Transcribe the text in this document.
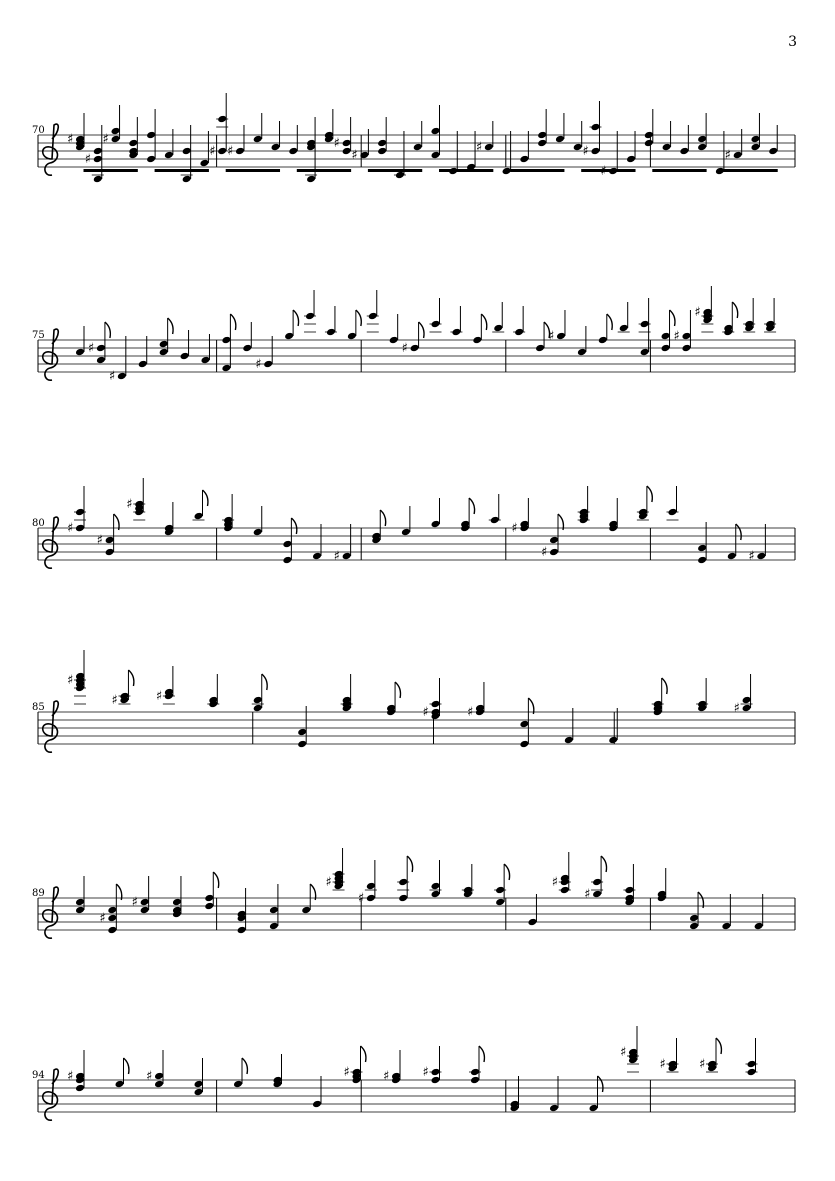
3
70
♯
♯
♯
♯ ♯
♯
♯
♯	♯	♯
75
♯
♯
♯
♯
♯	♯
♯
80 ♯
♯
♯
♯
♯
♯	♯
85
♯
♯	♯
♯	♯	♯
89
♯
♯
♯
♯
♯
♯
94 ♯	♯	♯	♯	♯
♯
♯	♯
